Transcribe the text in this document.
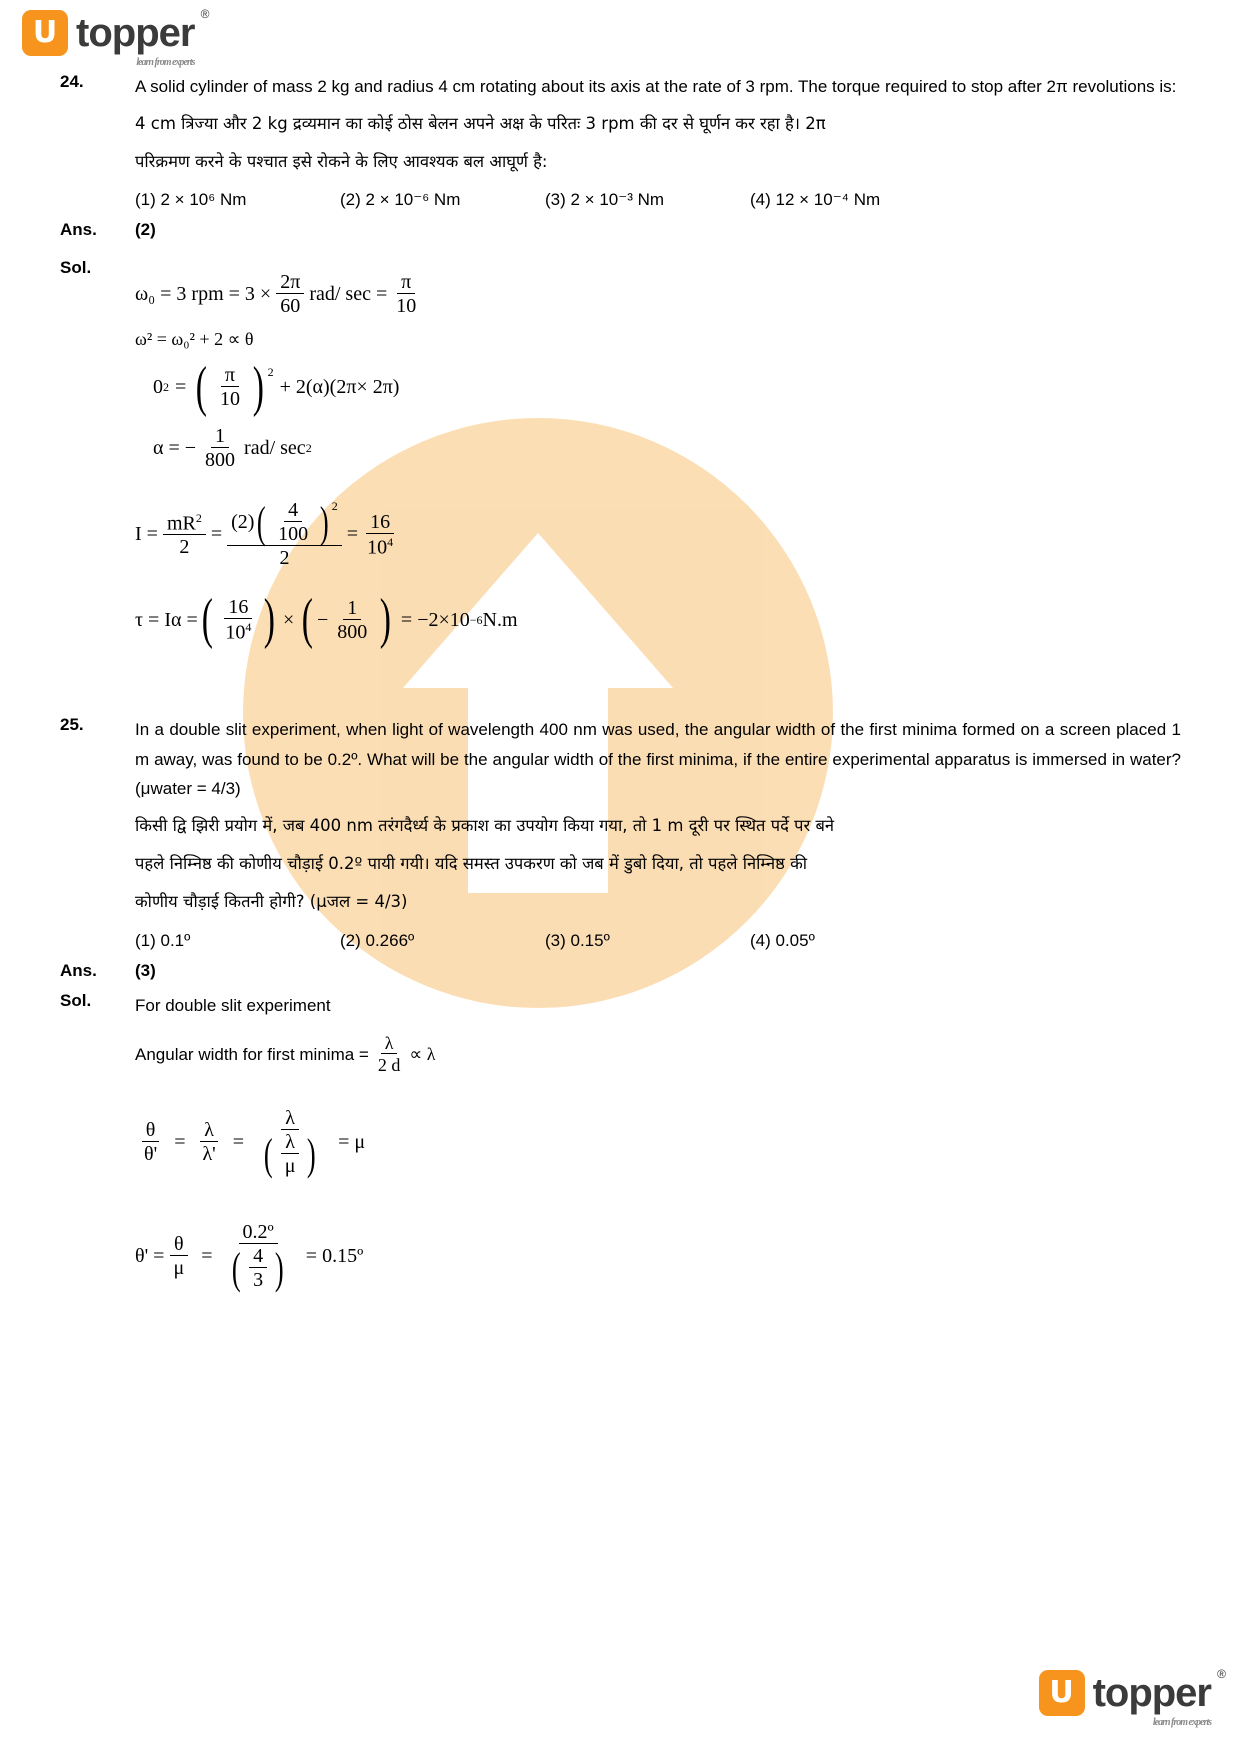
U topper ®
learn from experts
24.	A solid cylinder of mass 2 kg and radius 4 cm rotating about its axis at the rate of 3 rpm. The torque required to stop after 2π revolutions is:

4 cm त्रिज्या और 2 kg द्रव्यमान का कोई ठोस बेलन अपने अक्ष के परितः 3 rpm की दर से घूर्णन कर रहा है। 2π

परिक्रमण करने के पश्चात इसे रोकने के लिए आवश्यक बल आघूर्ण है:

(1) 2 × 10⁶ Nm	(2) 2 × 10⁻⁶ Nm	(3) 2 × 10⁻³ Nm	(4) 12 × 10⁻⁴ Nm
Ans.	(2)
Sol.
ω₀ = 3 rpm = $3 \times \frac{2\pi}{60} rad/$ $\sec = \frac{\pi}{10}$
ω² = ω₀² + 2 ∝ θ
0 2 = ( $\frac{\pi}{10}$ ) 2
+ 2(α)(2π× 2π)
α = − $\frac{1}{800} rad/$ sec 2
$I = \frac{mR^2}{2}$ =
(2) ( $\frac{4}{100}$ ) 2
2
= $\frac{16}{10^4}$
τ = Iα = ( $\frac{16}{10^4}$ ) × ( − $\frac{1}{800}$ ) = −2×10 −6 N.m
25.	In a double slit experiment, when light of wavelength 400 nm was used, the angular width of the first minima formed on a screen placed 1 m away, was found to be 0.2º. What will be the angular width of the first minima, if the entire experimental apparatus is immersed in water? (μwater = 4/3)

किसी द्वि झिरी प्रयोग में, जब 400 nm तरंगदैर्ध्य के प्रकाश का उपयोग किया गया, तो 1 m दूरी पर स्थित पर्दे पर बने

पहले निम्निष्ठ की कोणीय चौड़ाई 0.2º पायी गयी। यदि समस्त उपकरण को जब में डुबो दिया, तो पहले निम्निष्ठ की

कोणीय चौड़ाई कितनी होगी? (μजल = 4/3)

(1) 0.1º	(2) 0.266º	(3) 0.15º	(4) 0.05º
Ans.	(3)
Sol.	For double slit experiment

Angular width for first minima = $\frac{\lambda}{2 d} \propto \lambda$
$\frac{\theta}{\theta'} = \frac{\lambda}{\lambda'}$ =
λ
( $\frac{\lambda}{\mu}$ ) = μ
$\theta' = \frac{\theta}{\mu}$ =
0.2º
( $\frac{4}{3}$ ) = 0.15º
U topper ®
learn from experts
